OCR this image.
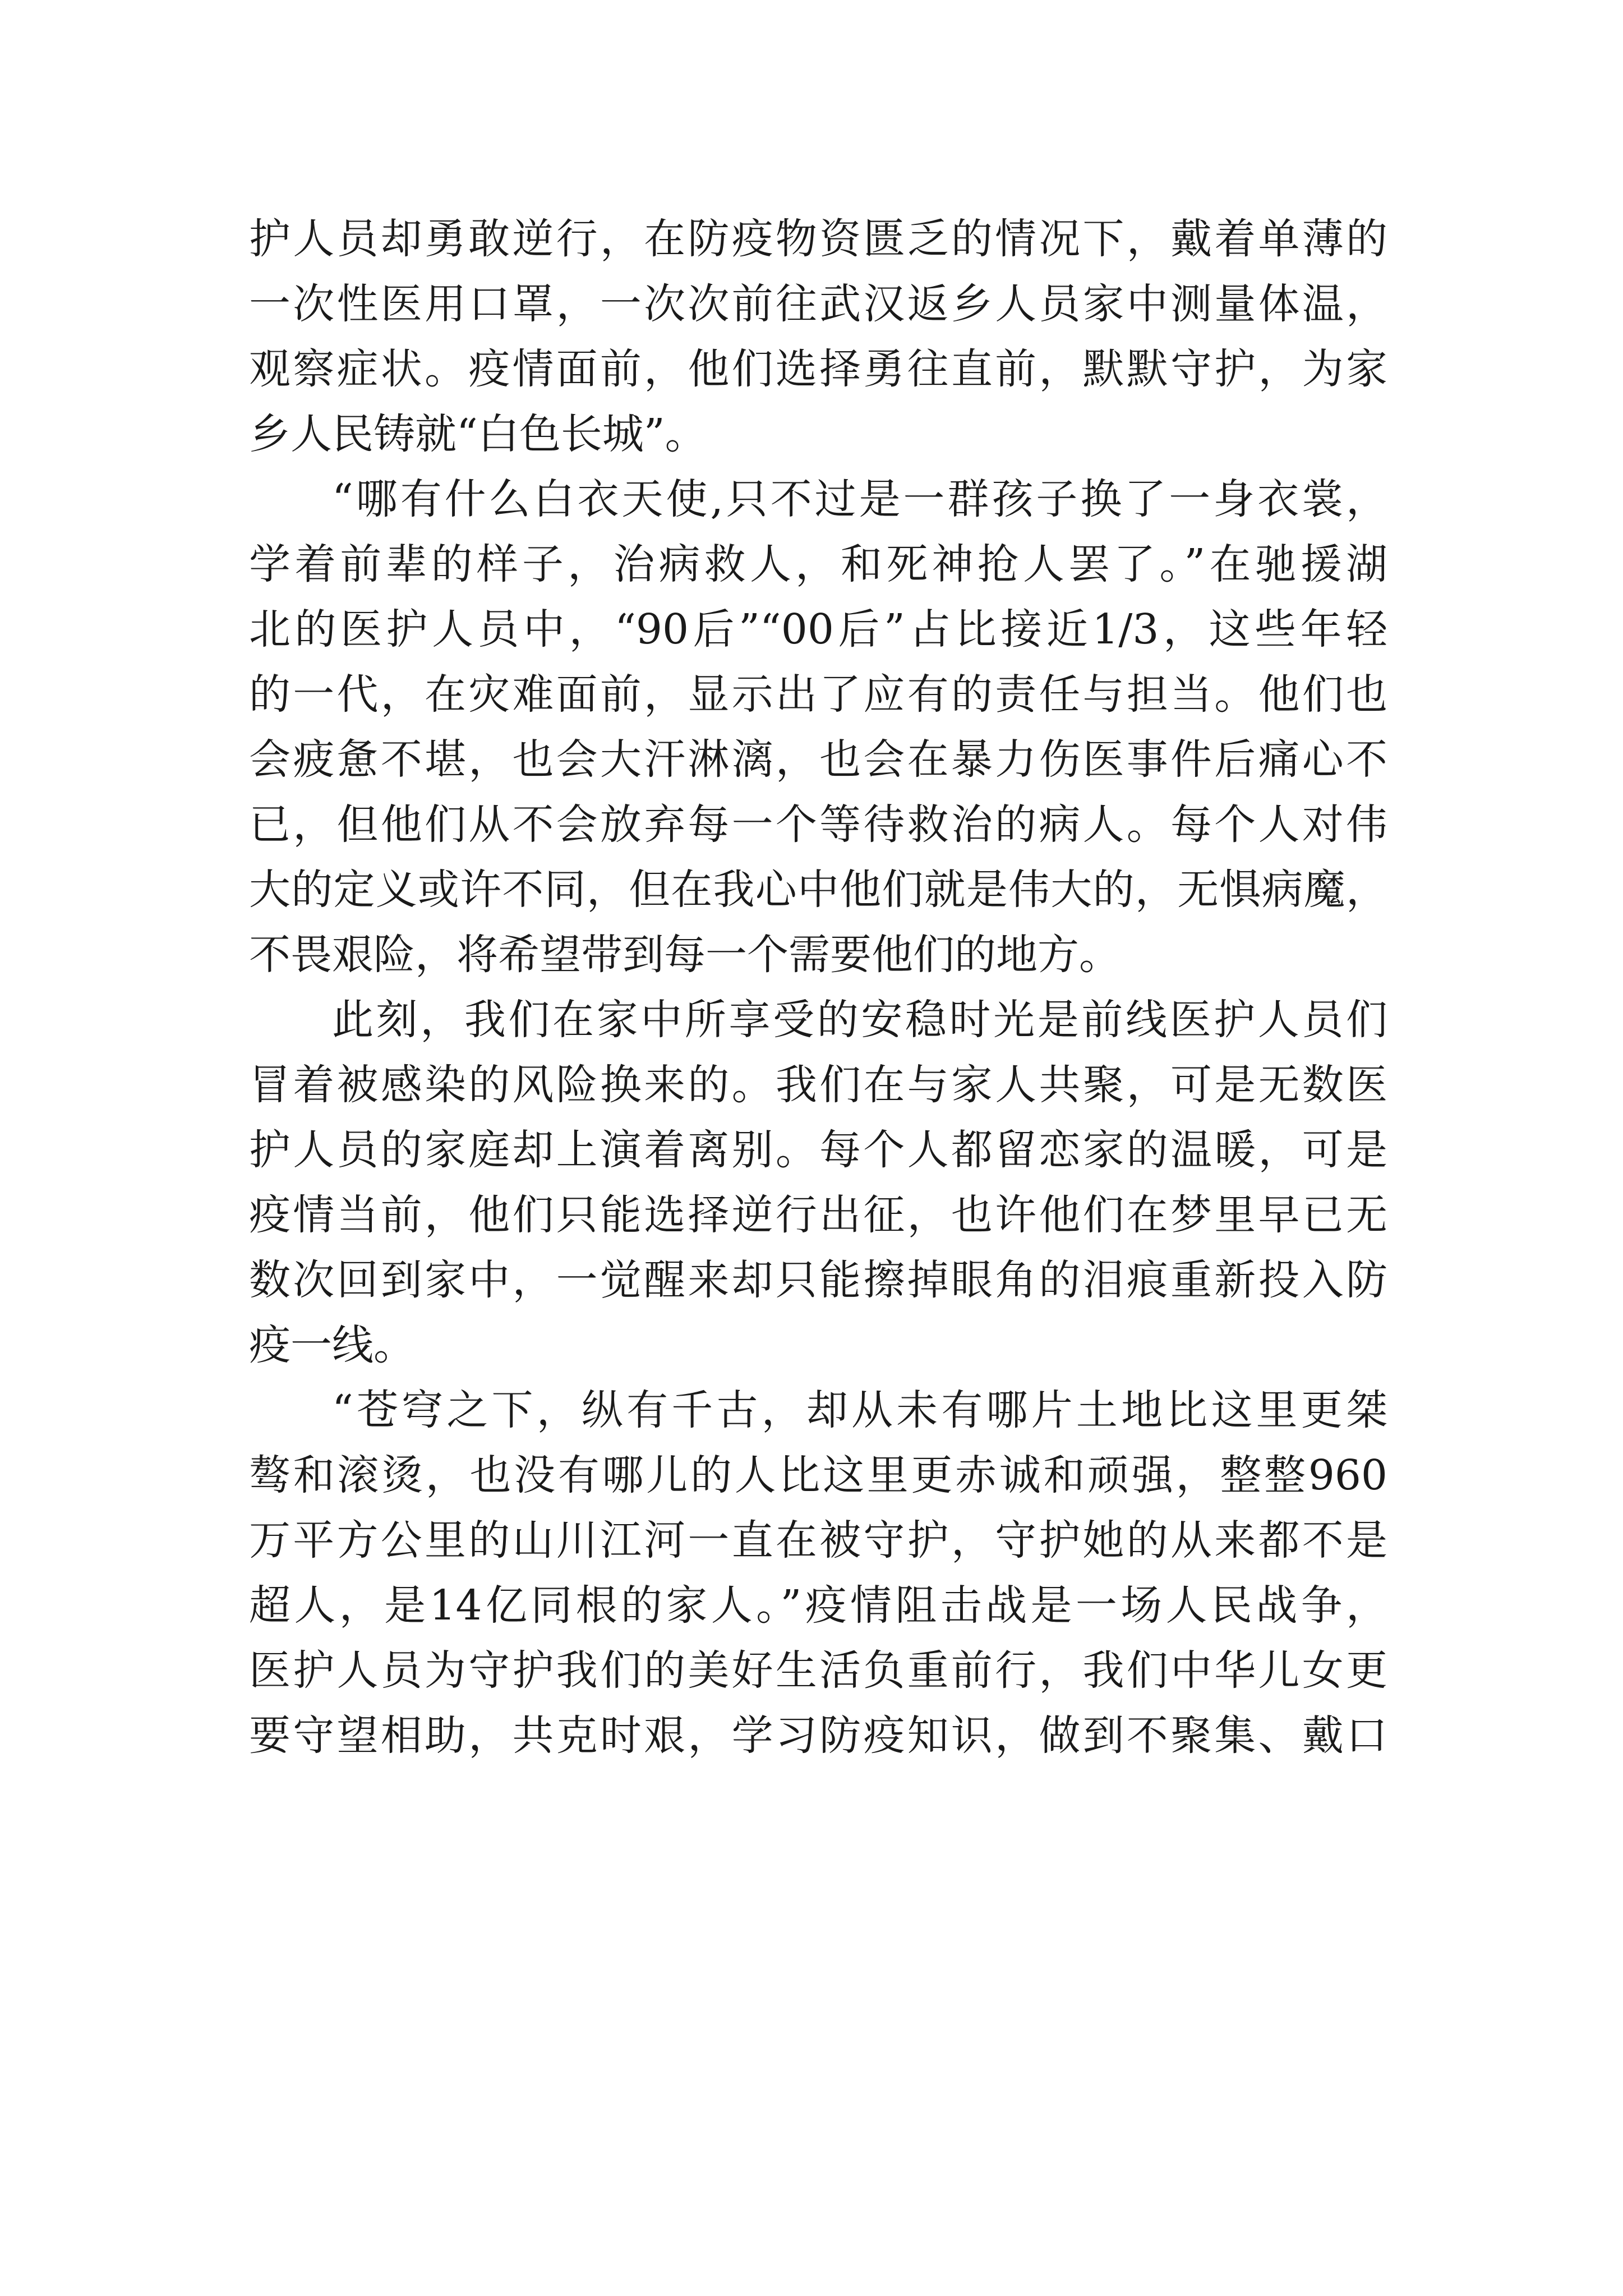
护人员却勇敢逆行，在防疫物资匮乏的情况下，戴着单薄的
一次性医用口罩，一次次前往武汉返乡人员家中测量体温，
观察症状。疫情面前，他们选择勇往直前，默默守护，为家
乡人民铸就“白色长城”。
“哪有什么白衣天使,只不过是一群孩子换了一身衣裳，
学着前辈的样子，治病救人，和死神抢人罢了。”在驰援湖
北的医护人员中，“90后”“00后”占比接近1/3，这些年轻
的一代，在灾难面前，显示出了应有的责任与担当。他们也
会疲惫不堪，也会大汗淋漓，也会在暴力伤医事件后痛心不
已，但他们从不会放弃每一个等待救治的病人。每个人对伟
大的定义或许不同，但在我心中他们就是伟大的，无惧病魔，
不畏艰险，将希望带到每一个需要他们的地方。
此刻，我们在家中所享受的安稳时光是前线医护人员们
冒着被感染的风险换来的。我们在与家人共聚，可是无数医
护人员的家庭却上演着离别。每个人都留恋家的温暖，可是
疫情当前，他们只能选择逆行出征，也许他们在梦里早已无
数次回到家中，一觉醒来却只能擦掉眼角的泪痕重新投入防
疫一线。
“苍穹之下，纵有千古，却从未有哪片土地比这里更桀
骜和滚烫，也没有哪儿的人比这里更赤诚和顽强，整整960
万平方公里的山川江河一直在被守护，守护她的从来都不是
超人，是14亿同根的家人。”疫情阻击战是一场人民战争，
医护人员为守护我们的美好生活负重前行，我们中华儿女更
要守望相助，共克时艰，学习防疫知识，做到不聚集、戴口
